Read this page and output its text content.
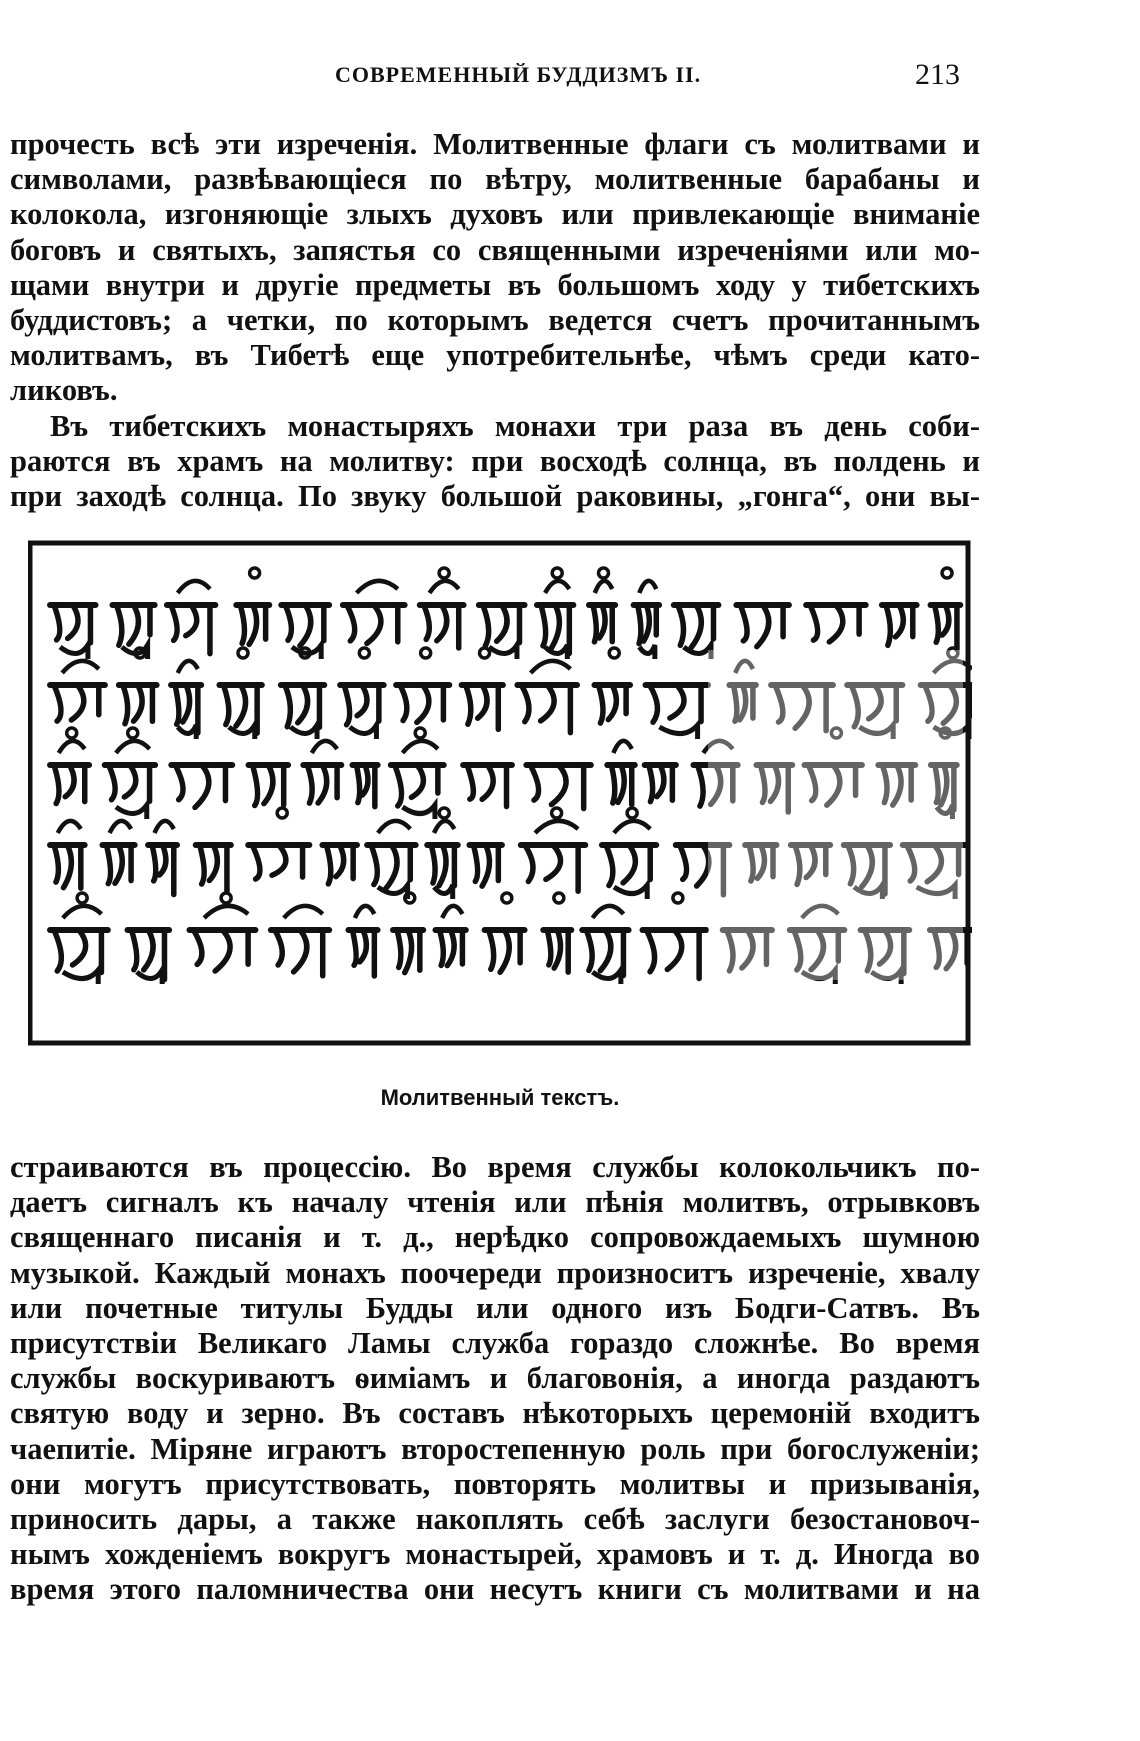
СОВРЕМЕННЫЙ БУДДИЗМЪ II.	213
прочесть всѣ эти изреченія. Молитвенные флаги съ молитвами и
символами, развѣвающіеся по вѣтру, молитвенные барабаны и
колокола, изгоняющіе злыхъ духовъ или привлекающіе вниманіе
боговъ и святыхъ, запястья со священными изреченіями или мо-
щами внутри и другіе предметы въ большомъ ходу у тибетскихъ
буддистовъ; а четки, по которымъ ведется счетъ прочитаннымъ
молитвамъ, въ Тибетѣ еще употребительнѣе, чѣмъ среди като-
ликовъ.
Въ тибетскихъ монастыряхъ монахи три раза въ день соби-
раются въ храмъ на молитву: при восходѣ солнца, въ полдень и
при заходѣ солнца. По звуку большой раковины, „гонга“, они вы-
Молитвенный текстъ.
страиваются въ процессію. Во время службы колокольчикъ по-
даетъ сигналъ къ началу чтенія или пѣнія молитвъ, отрывковъ
священнаго писанія и т. д., нерѣдко сопровождаемыхъ шумною
музыкой. Каждый монахъ поочереди произноситъ изреченіе, хвалу
или почетные титулы Будды или одного изъ Бодги-Сатвъ. Въ
присутствіи Великаго Ламы служба гораздо сложнѣе. Во время
службы воскуриваютъ ѳиміамъ и благовонія, а иногда раздаютъ
святую воду и зерно. Въ составъ нѣкоторыхъ церемоній входитъ
чаепитіе. Міряне играютъ второстепенную роль при богослуженіи;
они могутъ присутствовать, повторять молитвы и призыванія,
приносить дары, а также накоплять себѣ заслуги безостановоч-
нымъ хожденіемъ вокругъ монастырей, храмовъ и т. д. Иногда во
время этого паломничества они несутъ книги съ молитвами и на
